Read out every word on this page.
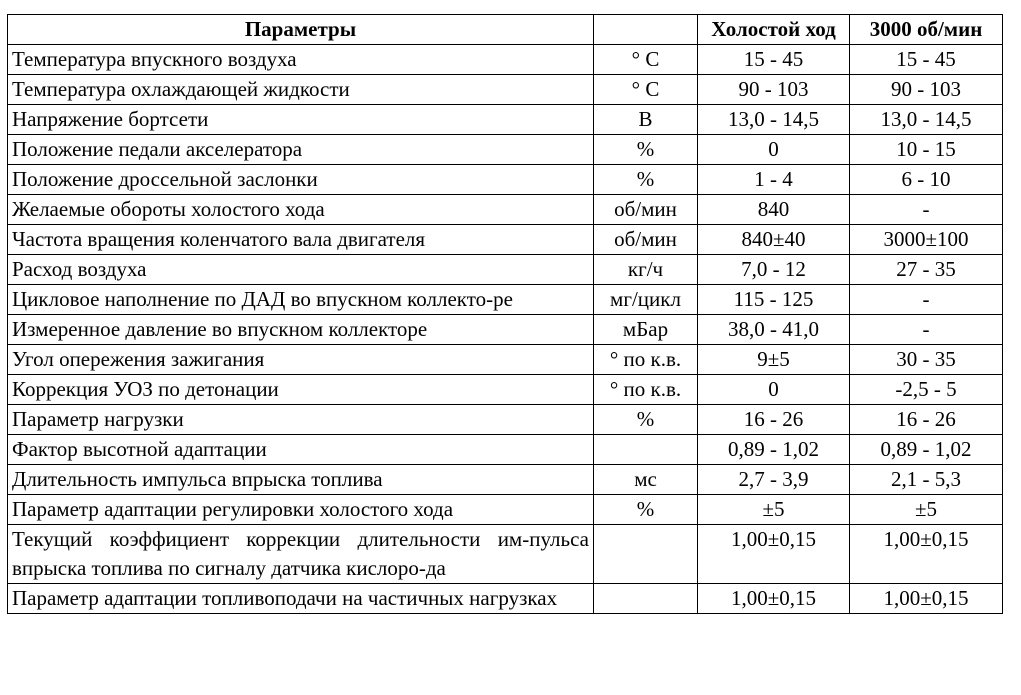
Параметры		Холостой ход	3000 об/мин
Температура впускного воздуха	° С	15 - 45	15 - 45
Температура охлаждающей жидкости	° С	90 - 103	90 - 103
Напряжение бортсети	В	13,0 - 14,5	13,0 - 14,5
Положение педали акселератора	%	0	10 - 15
Положение дроссельной заслонки	%	1 - 4	6 - 10
Желаемые обороты холостого хода	об/мин	840	-
Частота вращения коленчатого вала двигателя	об/мин	840±40	3000±100
Расход воздуха	кг/ч	7,0 - 12	27 - 35
Цикловое наполнение по ДАД во впускном коллекто-ре	мг/цикл	115 - 125	-
Измеренное давление во впускном коллекторе	мБар	38,0 - 41,0	-
Угол опережения зажигания	° по к.в.	9±5	30 - 35
Коррекция УОЗ по детонации	° по к.в.	0	-2,5 - 5
Параметр нагрузки	%	16 - 26	16 - 26
Фактор высотной адаптации		0,89 - 1,02	0,89 - 1,02
Длительность импульса впрыска топлива	мс	2,7 - 3,9	2,1 - 5,3
Параметр адаптации регулировки холостого хода	%	±5	±5
Текущий коэффициент коррекции длительности им-пульса впрыска топлива по сигналу датчика кислоро-да		1,00±0,15	1,00±0,15
Параметр адаптации топливоподачи на частичных нагрузках		1,00±0,15	1,00±0,15
